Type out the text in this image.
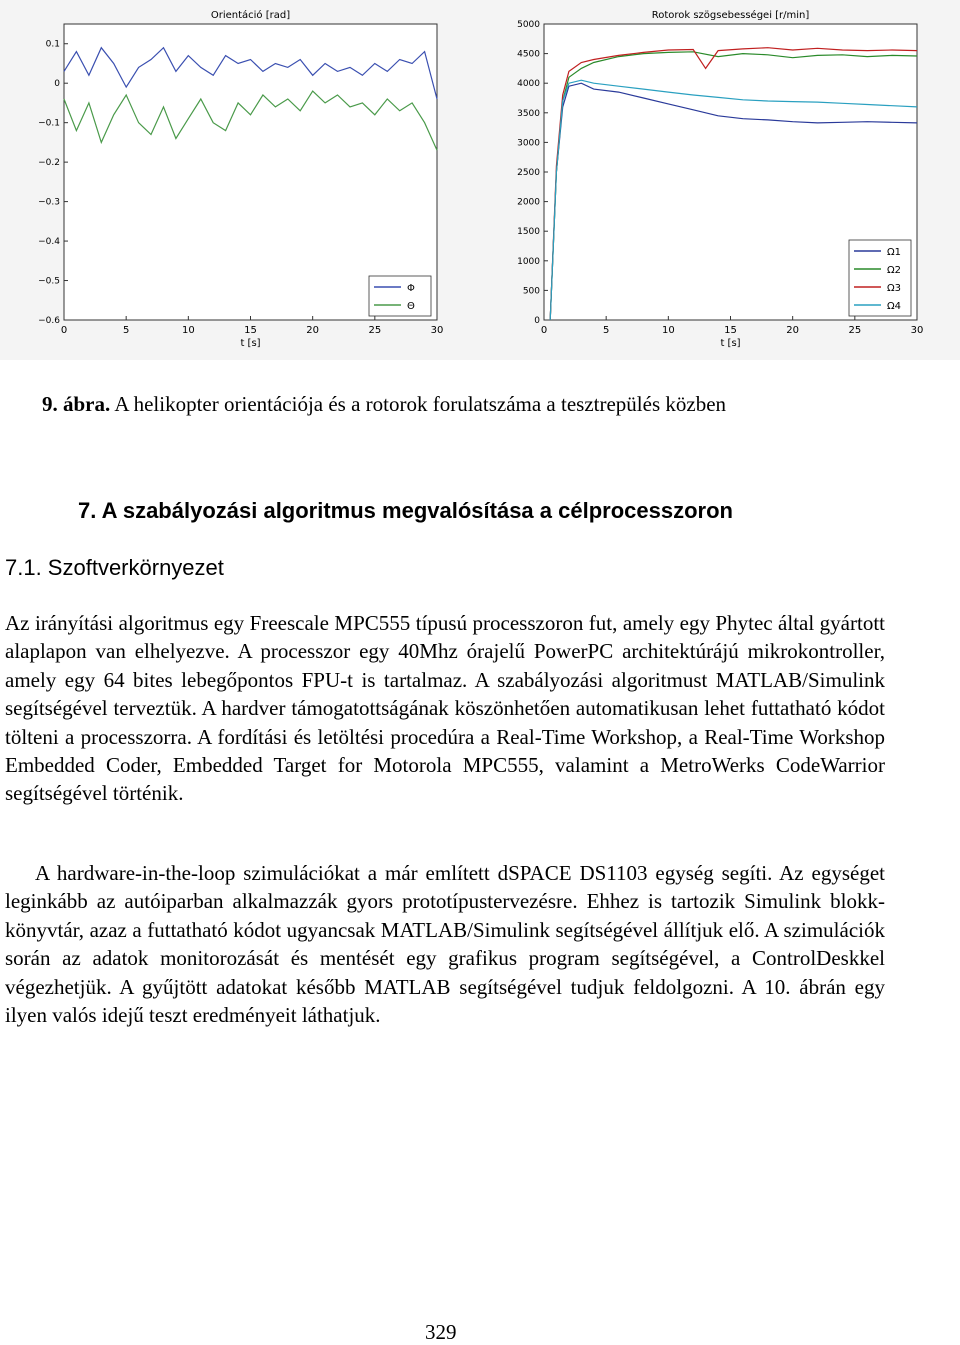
Orientáció [rad]
0	5	10	15	20	25	30
0.1
0
−0.1
−0.2
−0.3
−0.4
−0.5
−0.6
t [s]
Φ
Θ
Rotorok szögsebességei [r/min]
0	5	10	15	20	25	30
5000
4500
4000
3500
3000
2500
2000
1500
1000
500
0
t [s]
Ω1
Ω2
Ω3
Ω4
9. ábra. A helikopter orientációja és a rotorok forulatszáma a tesztrepülés közben
7. A szabályozási algoritmus megvalósítása a célprocesszoron
7.1. Szoftverkörnyezet
Az irányítási algoritmus egy Freescale MPC555 típusú processzoron fut, amely egy Phytec által gyártott alaplapon van elhelyezve. A processzor egy 40Mhz órajelű PowerPC architektúrájú mikrokontroller, amely egy 64 bites lebegőpontos FPU-t is tartalmaz. A szabályozási algoritmust MATLAB/Simulink segítségével terveztük. A hardver támogatottságának köszönhetően automatikusan lehet futtatható kódot tölteni a processzorra. A fordítási és letöltési procedúra a Real-Time Workshop, a Real-Time Workshop Embedded Coder, Embedded Target for Motorola MPC555, valamint a MetroWerks CodeWarrior segítségével történik.
A hardware-in-the-loop szimulációkat a már említett dSPACE DS1103 egység segíti. Az egységet leginkább az autóiparban alkalmazzák gyors prototípustervezésre. Ehhez is tartozik Simulink blokk-könyvtár, azaz a futtatható kódot ugyancsak MATLAB/Simulink segítségével állítjuk elő. A szimulációk során az adatok monitorozását és mentését egy grafikus program segítségével, a ControlDeskkel végezhetjük. A gyűjtött adatokat később MATLAB segítségével tudjuk feldolgozni. A 10. ábrán egy ilyen valós idejű teszt eredményeit láthatjuk.
329
